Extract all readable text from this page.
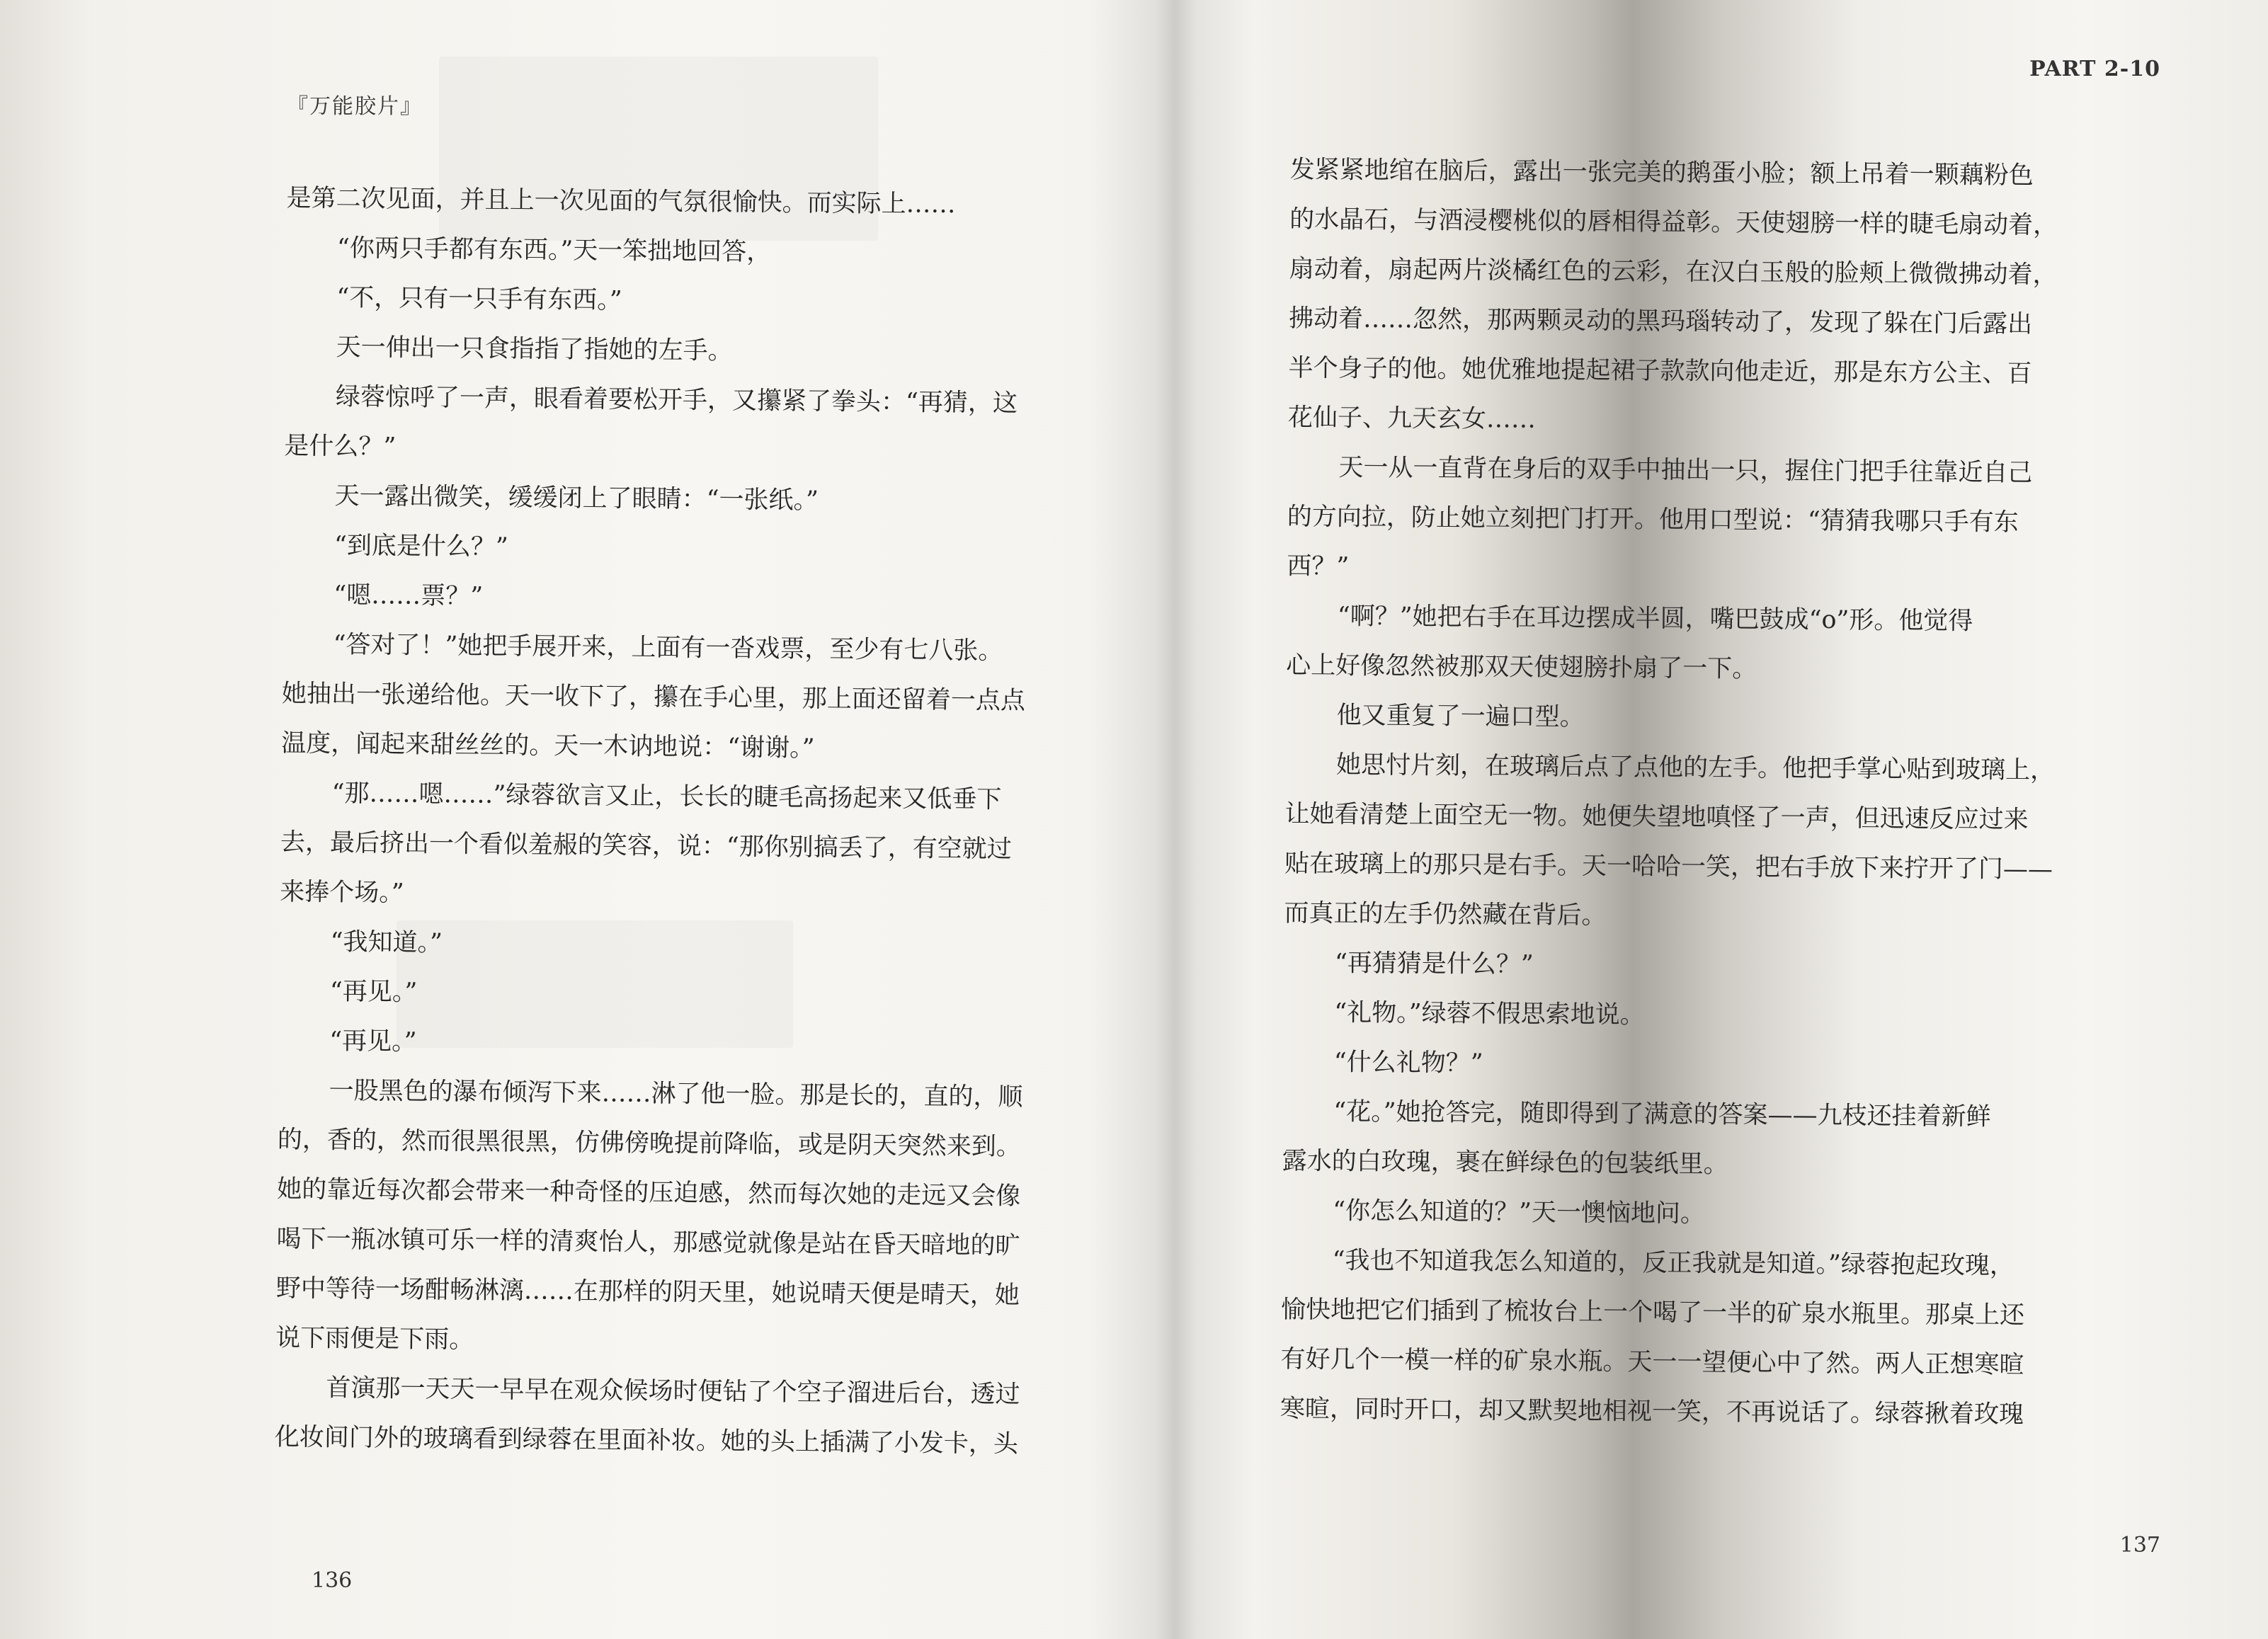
『万能胶片』
是第二次见面，并且上一次见面的气氛很愉快。而实际上……
“你两只手都有东西。”天一笨拙地回答，
“不，只有一只手有东西。”
天一伸出一只食指指了指她的左手。
绿蓉惊呼了一声，眼看着要松开手，又攥紧了拳头：“再猜，这
是什么？”
天一露出微笑，缓缓闭上了眼睛：“一张纸。”
“到底是什么？”
“嗯……票？”
“答对了！”她把手展开来，上面有一沓戏票，至少有七八张。
她抽出一张递给他。天一收下了，攥在手心里，那上面还留着一点点
温度，闻起来甜丝丝的。天一木讷地说：“谢谢。”
“那……嗯……”绿蓉欲言又止，长长的睫毛高扬起来又低垂下
去，最后挤出一个看似羞赧的笑容，说：“那你别搞丢了，有空就过
来捧个场。”
“我知道。”
“再见。”
“再见。”
一股黑色的瀑布倾泻下来……淋了他一脸。那是长的，直的，顺
的，香的，然而很黑很黑，仿佛傍晚提前降临，或是阴天突然来到。
她的靠近每次都会带来一种奇怪的压迫感，然而每次她的走远又会像
喝下一瓶冰镇可乐一样的清爽怡人，那感觉就像是站在昏天暗地的旷
野中等待一场酣畅淋漓……在那样的阴天里，她说晴天便是晴天，她
说下雨便是下雨。
首演那一天天一早早在观众候场时便钻了个空子溜进后台，透过
化妆间门外的玻璃看到绿蓉在里面补妆。她的头上插满了小发卡，头
136
PART 2-10
发紧紧地绾在脑后，露出一张完美的鹅蛋小脸；额上吊着一颗藕粉色
的水晶石，与酒浸樱桃似的唇相得益彰。天使翅膀一样的睫毛扇动着，
扇动着，扇起两片淡橘红色的云彩，在汉白玉般的脸颊上微微拂动着，
拂动着……忽然，那两颗灵动的黑玛瑙转动了，发现了躲在门后露出
半个身子的他。她优雅地提起裙子款款向他走近，那是东方公主、百
花仙子、九天玄女……
天一从一直背在身后的双手中抽出一只，握住门把手往靠近自己
的方向拉，防止她立刻把门打开。他用口型说：“猜猜我哪只手有东
西？”
“啊？”她把右手在耳边摆成半圆，嘴巴鼓成“o”形。他觉得
心上好像忽然被那双天使翅膀扑扇了一下。
他又重复了一遍口型。
她思忖片刻，在玻璃后点了点他的左手。他把手掌心贴到玻璃上，
让她看清楚上面空无一物。她便失望地嗔怪了一声，但迅速反应过来
贴在玻璃上的那只是右手。天一哈哈一笑，把右手放下来拧开了门——
而真正的左手仍然藏在背后。
“再猜猜是什么？”
“礼物。”绿蓉不假思索地说。
“什么礼物？”
“花。”她抢答完，随即得到了满意的答案——九枝还挂着新鲜
露水的白玫瑰，裹在鲜绿色的包装纸里。
“你怎么知道的？”天一懊恼地问。
“我也不知道我怎么知道的，反正我就是知道。”绿蓉抱起玫瑰，
愉快地把它们插到了梳妆台上一个喝了一半的矿泉水瓶里。那桌上还
有好几个一模一样的矿泉水瓶。天一一望便心中了然。两人正想寒暄
寒暄，同时开口，却又默契地相视一笑，不再说话了。绿蓉揪着玫瑰
137
